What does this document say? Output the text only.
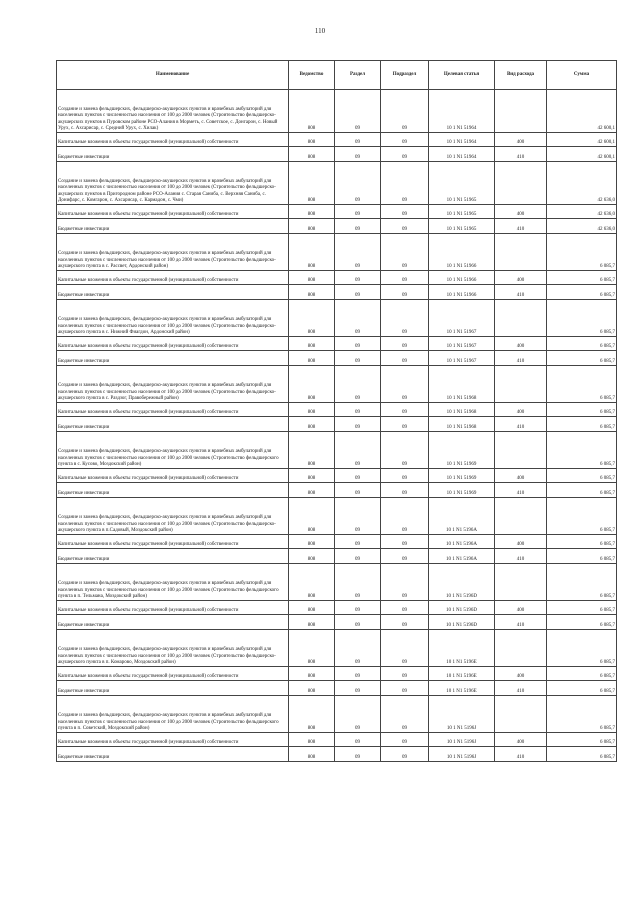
110
Наименование	Ведомство	Раздел	Подраздел	Целевая статья	Вид расхода	Сумма
Создание и замена фельдшерских, фельдшерско-акушерских пунктов и врачебных амбулаторий для населенных пунктов с численностью населения от 100 до 2000 человек (Строительство фельдшерско-акушерских пунктов в Пуровском районе РСО-Алания в Морметь, с. Советское, с. Донгарон, с. Новый Урух, с. Ахсарисар, с. Средний Урух, с. Хилак)	808	09	09	10 1 N1 51964		42 600,1
Капитальные вложения в объекты государственной (муниципальной) собственности	808	09	09	10 1 N1 51964	400	42 600,1
Бюджетные инвестиции	808	09	09	10 1 N1 51964	410	42 600,1
Создание и замена фельдшерских, фельдшерско-акушерских пунктов и врачебных амбулаторий для населенных пунктов с численностью населения от 100 до 2000 человек (Строительство фельдшерско-акушерских пунктов в Пригородном районе РСО-Алания с. Старая Саниба, с. Верхняя Саниба, с. Донифарс, с. Комгарон, с. Ахсарисар, с. Кармадон, с. Чми)	808	09	09	10 1 N1 51965		42 636,0
Капитальные вложения в объекты государственной (муниципальной) собственности	808	09	09	10 1 N1 51965	400	42 636,0
Бюджетные инвестиции	808	09	09	10 1 N1 51965	410	42 636,0
Создание и замена фельдшерских, фельдшерско-акушерских пунктов и врачебных амбулаторий для населенных пунктов с численностью населения от 100 до 2000 человек (Строительство фельдшерско-акушерского пункта в с. Рассвет, Ардонский район)	808	09	09	10 1 N1 51966		6 085,7
Капитальные вложения в объекты государственной (муниципальной) собственности	808	09	09	10 1 N1 51966	400	6 085,7
Бюджетные инвестиции	808	09	09	10 1 N1 51966	410	6 085,7
Создание и замена фельдшерских, фельдшерско-акушерских пунктов и врачебных амбулаторий для населенных пунктов с численностью населения от 100 до 2000 человек (Строительство фельдшерско-акушерского пункта в с. Нижний Фиагдон, Ардонский район)	808	09	09	10 1 N1 51967		6 085,7
Капитальные вложения в объекты государственной (муниципальной) собственности	808	09	09	10 1 N1 51967	400	6 085,7
Бюджетные инвестиции	808	09	09	10 1 N1 51967	410	6 085,7
Создание и замена фельдшерских, фельдшерско-акушерских пунктов и врачебных амбулаторий для населенных пунктов с численностью населения от 100 до 2000 человек (Строительство фельдшерско-акушерского пункта в с. Раздзог, Правобережный район)	808	09	09	10 1 N1 51968		6 085,7
Капитальные вложения в объекты государственной (муниципальной) собственности	808	09	09	10 1 N1 51968	400	6 085,7
Бюджетные инвестиции	808	09	09	10 1 N1 51968	410	6 085,7
Создание и замена фельдшерских, фельдшерско-акушерских пунктов и врачебных амбулаторий для населенных пунктов с численностью населения от 100 до 2000 человек (Строительство фельдшерского пункта в с. Кусово, Моздокский район)	808	09	09	10 1 N1 51969		6 085,7
Капитальные вложения в объекты государственной (муниципальной) собственности	808	09	09	10 1 N1 51969	400	6 085,7
Бюджетные инвестиции	808	09	09	10 1 N1 51969	410	6 085,7
Создание и замена фельдшерских, фельдшерско-акушерских пунктов и врачебных амбулаторий для населенных пунктов с численностью населения от 100 до 2000 человек (Строительство фельдшерско-акушерского пункта в п.Садовый, Моздокский район)	808	09	09	10 1 N1 5196A		6 085,7
Капитальные вложения в объекты государственной (муниципальной) собственности	808	09	09	10 1 N1 5196A	400	6 085,7
Бюджетные инвестиции	808	09	09	10 1 N1 5196A	410	6 085,7
Создание и замена фельдшерских, фельдшерско-акушерских пунктов и врачебных амбулаторий для населенных пунктов с численностью населения от 100 до 2000 человек (Строительство фельдшерского пункта в п. Тельмана, Моздокский район)	808	09	09	10 1 N1 5196D		6 085,7
Капитальные вложения в объекты государственной (муниципальной) собственности	808	09	09	10 1 N1 5196D	400	6 085,7
Бюджетные инвестиции	808	09	09	10 1 N1 5196D	410	6 085,7
Создание и замена фельдшерских, фельдшерско-акушерских пунктов и врачебных амбулаторий для населенных пунктов с численностью населения от 100 до 2000 человек (Строительство фельдшерско-акушерского пункта в п. Комарово, Моздокский район)	808	09	09	10 1 N1 5196E		6 085,7
Капитальные вложения в объекты государственной (муниципальной) собственности	808	09	09	10 1 N1 5196E	400	6 085,7
Бюджетные инвестиции	808	09	09	10 1 N1 5196E	410	6 085,7
Создание и замена фельдшерских, фельдшерско-акушерских пунктов и врачебных амбулаторий для населенных пунктов с численностью населения от 100 до 2000 человек (Строительство фельдшерского пункта в п. Советский, Моздокский район)	808	09	09	10 1 N1 5196J		6 085,7
Капитальные вложения в объекты государственной (муниципальной) собственности	808	09	09	10 1 N1 5196J	400	6 085,7
Бюджетные инвестиции	808	09	09	10 1 N1 5196J	410	6 085,7
